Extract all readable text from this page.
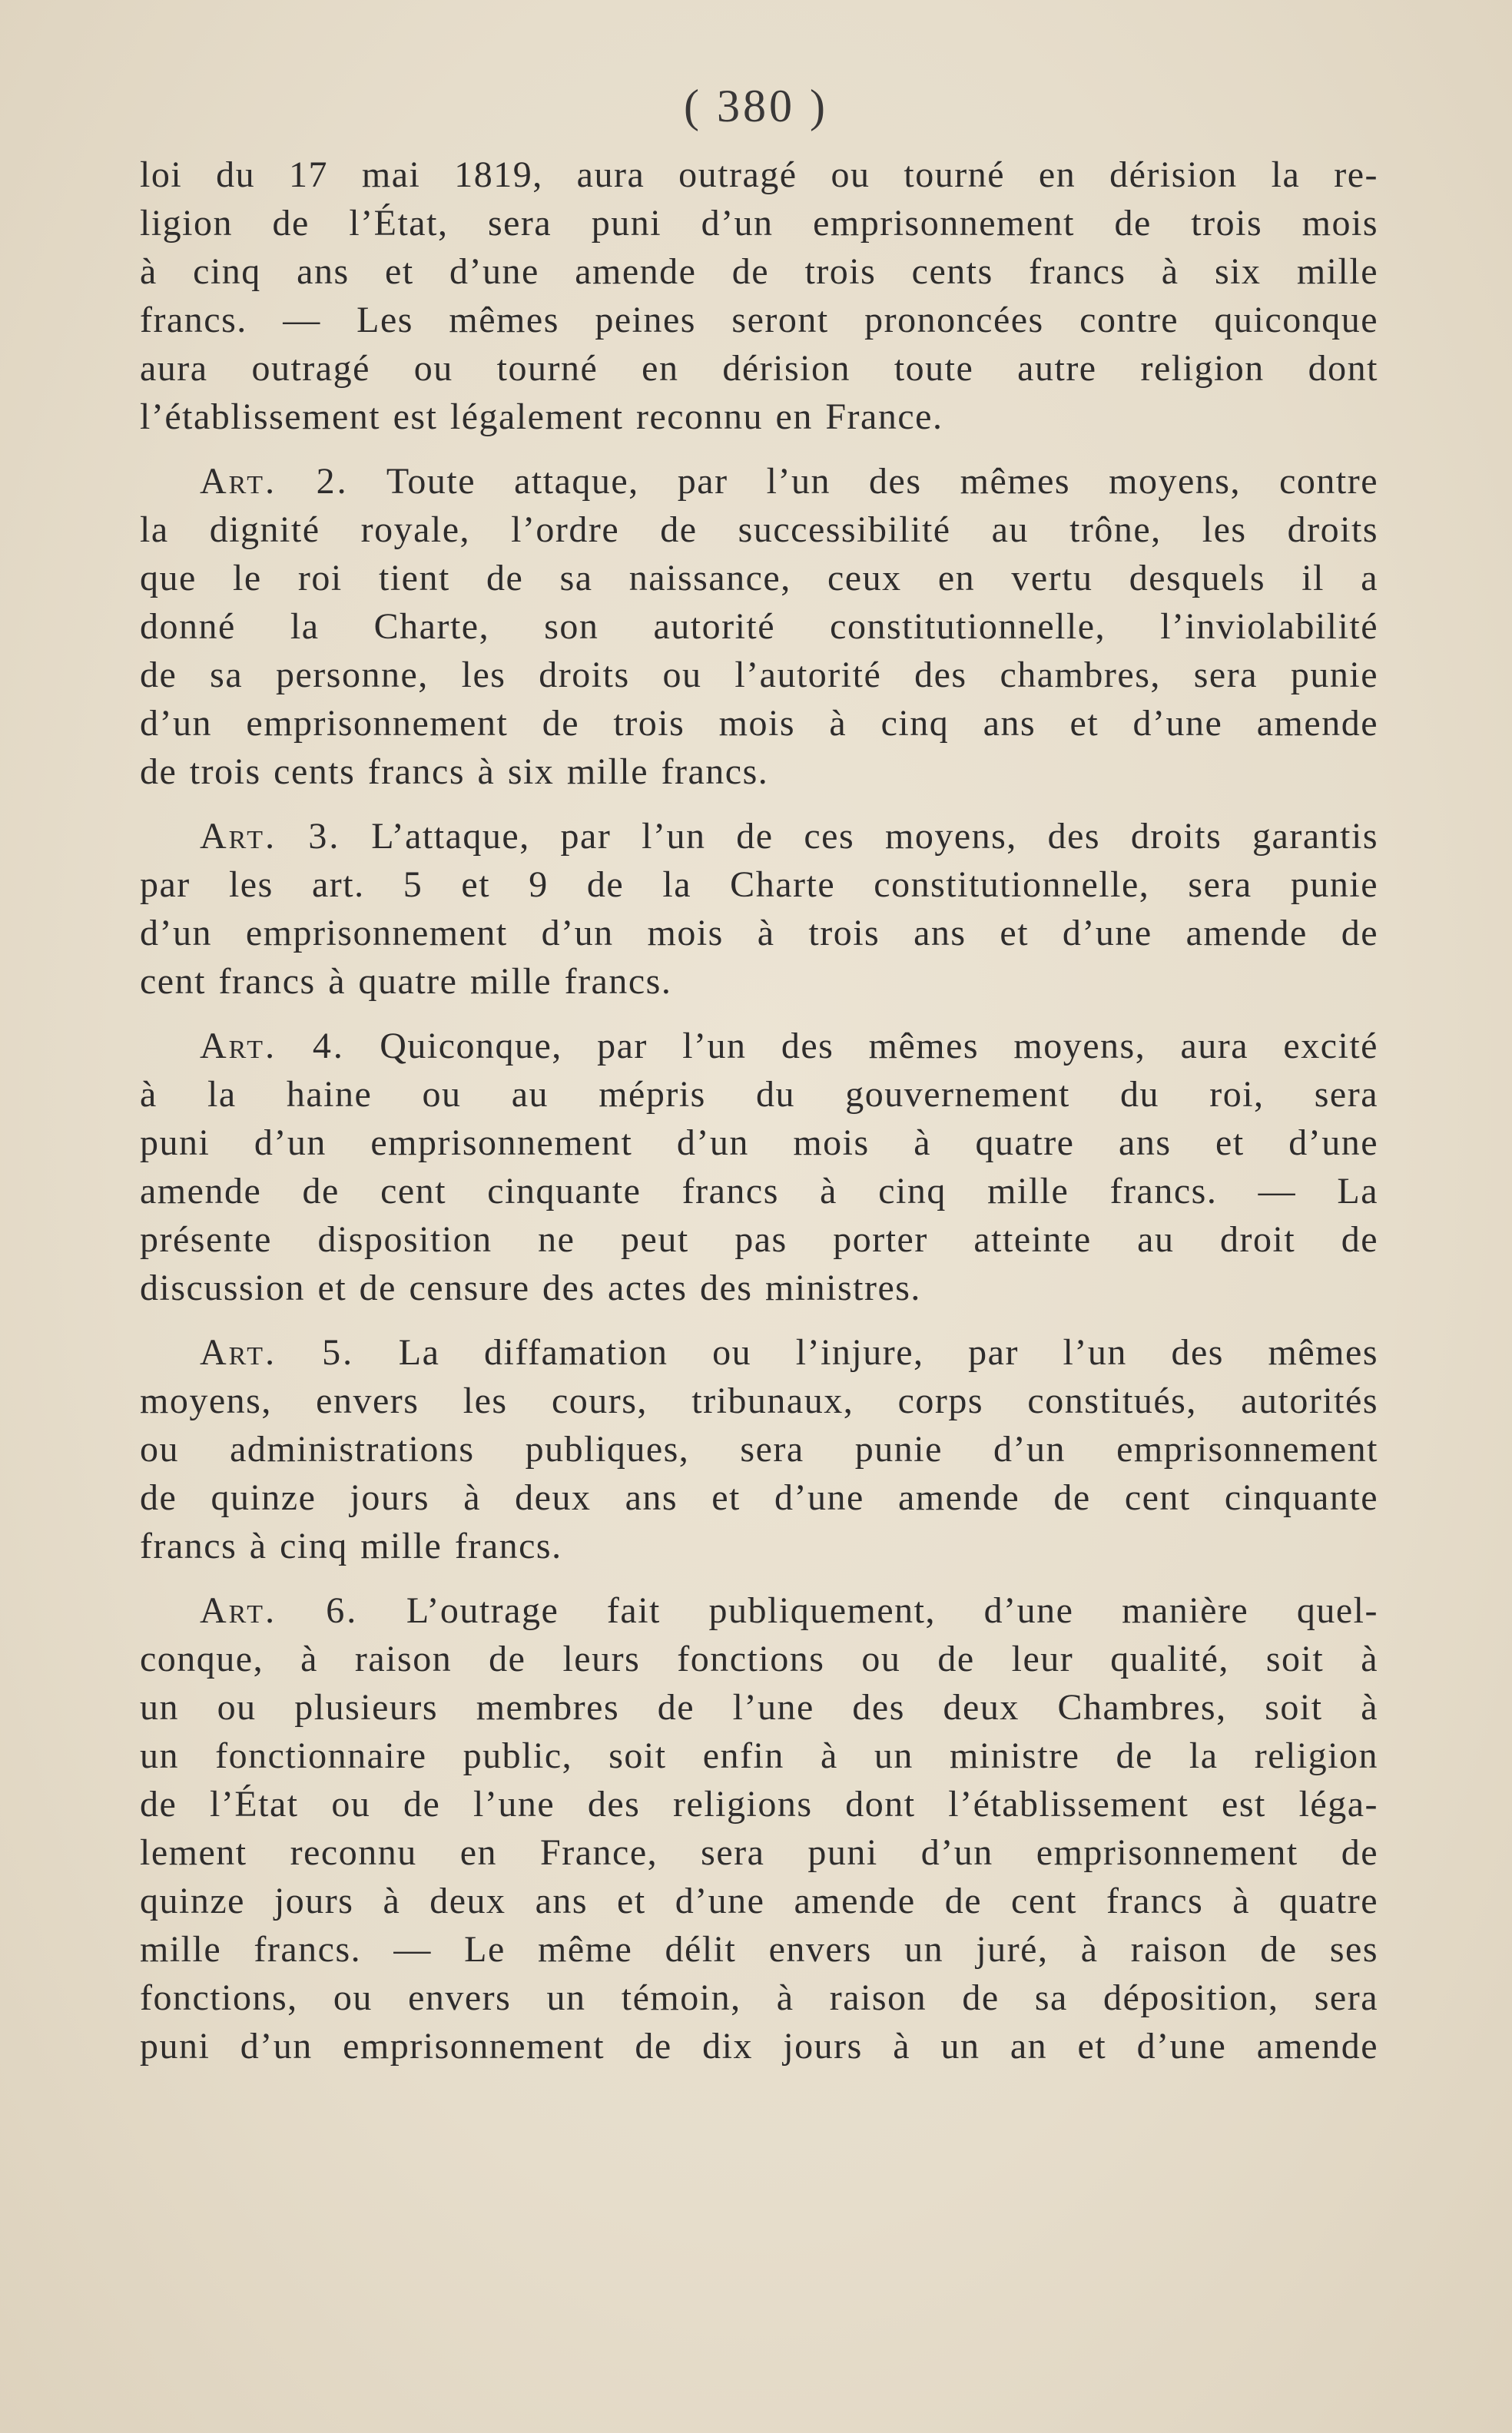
( 380 )
loi du 17 mai 1819, aura outragé ou tourné en dérision la re-
ligion de l’État, sera puni d’un emprisonnement de trois mois
à cinq ans et d’une amende de trois cents francs à six mille
francs. — Les mêmes peines seront prononcées contre quiconque
aura outragé ou tourné en dérision toute autre religion dont
l’établissement est légalement reconnu en France.
Art. 2. Toute attaque, par l’un des mêmes moyens, contre
la dignité royale, l’ordre de successibilité au trône, les droits
que le roi tient de sa naissance, ceux en vertu desquels il a
donné la Charte, son autorité constitutionnelle, l’inviolabilité
de sa personne, les droits ou l’autorité des chambres, sera punie
d’un emprisonnement de trois mois à cinq ans et d’une amende
de trois cents francs à six mille francs.
Art. 3. L’attaque, par l’un de ces moyens, des droits garantis
par les art. 5 et 9 de la Charte constitutionnelle, sera punie
d’un emprisonnement d’un mois à trois ans et d’une amende de
cent francs à quatre mille francs.
Art. 4. Quiconque, par l’un des mêmes moyens, aura excité
à la haine ou au mépris du gouvernement du roi, sera
puni d’un emprisonnement d’un mois à quatre ans et d’une
amende de cent cinquante francs à cinq mille francs. — La
présente disposition ne peut pas porter atteinte au droit de
discussion et de censure des actes des ministres.
Art. 5. La diffamation ou l’injure, par l’un des mêmes
moyens, envers les cours, tribunaux, corps constitués, autorités
ou administrations publiques, sera punie d’un emprisonnement
de quinze jours à deux ans et d’une amende de cent cinquante
francs à cinq mille francs.
Art. 6. L’outrage fait publiquement, d’une manière quel-
conque, à raison de leurs fonctions ou de leur qualité, soit à
un ou plusieurs membres de l’une des deux Chambres, soit à
un fonctionnaire public, soit enfin à un ministre de la religion
de l’État ou de l’une des religions dont l’établissement est léga-
lement reconnu en France, sera puni d’un emprisonnement de
quinze jours à deux ans et d’une amende de cent francs à quatre
mille francs. — Le même délit envers un juré, à raison de ses
fonctions, ou envers un témoin, à raison de sa déposition, sera
puni d’un emprisonnement de dix jours à un an et d’une amende
